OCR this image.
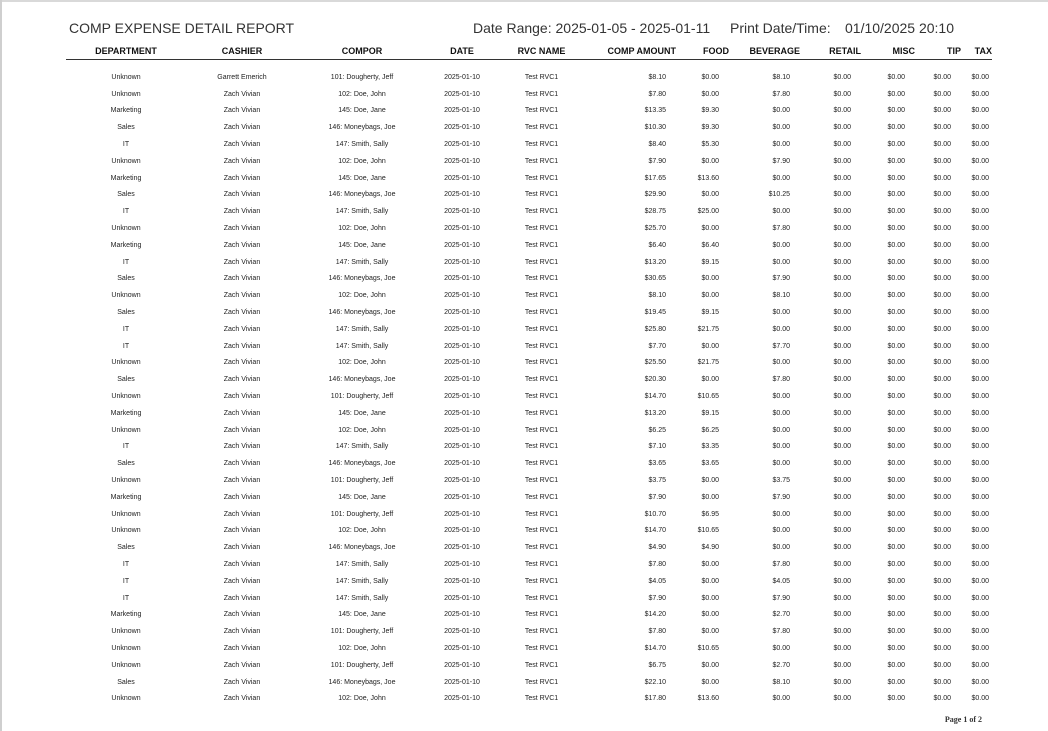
COMP EXPENSE DETAIL REPORT	Date Range: 2025-01-05 - 2025-01-11 Print Date/Time: 01/10/2025 20:10
DEPARTMENT	CASHIER	COMPOR	DATE	RVC NAME	COMP AMOUNT	FOOD	BEVERAGE	RETAIL	MISC	TIP	TAX

Unknown	Garrett Emerich	101: Dougherty, Jeff	2025-01-10	Test RVC1	$8.10	$0.00	$8.10	$0.00	$0.00	$0.00	$0.00
Unknown	Zach Vivian	102: Doe, John	2025-01-10	Test RVC1	$7.80	$0.00	$7.80	$0.00	$0.00	$0.00	$0.00
Marketing	Zach Vivian	145: Doe, Jane	2025-01-10	Test RVC1	$13.35	$9.30	$0.00	$0.00	$0.00	$0.00	$0.00
Sales	Zach Vivian	146: Moneybags, Joe	2025-01-10	Test RVC1	$10.30	$9.30	$0.00	$0.00	$0.00	$0.00	$0.00
IT	Zach Vivian	147: Smith, Sally	2025-01-10	Test RVC1	$8.40	$5.30	$0.00	$0.00	$0.00	$0.00	$0.00
Unknown	Zach Vivian	102: Doe, John	2025-01-10	Test RVC1	$7.90	$0.00	$7.90	$0.00	$0.00	$0.00	$0.00
Marketing	Zach Vivian	145: Doe, Jane	2025-01-10	Test RVC1	$17.65	$13.60	$0.00	$0.00	$0.00	$0.00	$0.00
Sales	Zach Vivian	146: Moneybags, Joe	2025-01-10	Test RVC1	$29.90	$0.00	$10.25	$0.00	$0.00	$0.00	$0.00
IT	Zach Vivian	147: Smith, Sally	2025-01-10	Test RVC1	$28.75	$25.00	$0.00	$0.00	$0.00	$0.00	$0.00
Unknown	Zach Vivian	102: Doe, John	2025-01-10	Test RVC1	$25.70	$0.00	$7.80	$0.00	$0.00	$0.00	$0.00
Marketing	Zach Vivian	145: Doe, Jane	2025-01-10	Test RVC1	$6.40	$6.40	$0.00	$0.00	$0.00	$0.00	$0.00
IT	Zach Vivian	147: Smith, Sally	2025-01-10	Test RVC1	$13.20	$9.15	$0.00	$0.00	$0.00	$0.00	$0.00
Sales	Zach Vivian	146: Moneybags, Joe	2025-01-10	Test RVC1	$30.65	$0.00	$7.90	$0.00	$0.00	$0.00	$0.00
Unknown	Zach Vivian	102: Doe, John	2025-01-10	Test RVC1	$8.10	$0.00	$8.10	$0.00	$0.00	$0.00	$0.00
Sales	Zach Vivian	146: Moneybags, Joe	2025-01-10	Test RVC1	$19.45	$9.15	$0.00	$0.00	$0.00	$0.00	$0.00
IT	Zach Vivian	147: Smith, Sally	2025-01-10	Test RVC1	$25.80	$21.75	$0.00	$0.00	$0.00	$0.00	$0.00
IT	Zach Vivian	147: Smith, Sally	2025-01-10	Test RVC1	$7.70	$0.00	$7.70	$0.00	$0.00	$0.00	$0.00
Unknown	Zach Vivian	102: Doe, John	2025-01-10	Test RVC1	$25.50	$21.75	$0.00	$0.00	$0.00	$0.00	$0.00
Sales	Zach Vivian	146: Moneybags, Joe	2025-01-10	Test RVC1	$20.30	$0.00	$7.80	$0.00	$0.00	$0.00	$0.00
Unknown	Zach Vivian	101: Dougherty, Jeff	2025-01-10	Test RVC1	$14.70	$10.65	$0.00	$0.00	$0.00	$0.00	$0.00
Marketing	Zach Vivian	145: Doe, Jane	2025-01-10	Test RVC1	$13.20	$9.15	$0.00	$0.00	$0.00	$0.00	$0.00
Unknown	Zach Vivian	102: Doe, John	2025-01-10	Test RVC1	$6.25	$6.25	$0.00	$0.00	$0.00	$0.00	$0.00
IT	Zach Vivian	147: Smith, Sally	2025-01-10	Test RVC1	$7.10	$3.35	$0.00	$0.00	$0.00	$0.00	$0.00
Sales	Zach Vivian	146: Moneybags, Joe	2025-01-10	Test RVC1	$3.65	$3.65	$0.00	$0.00	$0.00	$0.00	$0.00
Unknown	Zach Vivian	101: Dougherty, Jeff	2025-01-10	Test RVC1	$3.75	$0.00	$3.75	$0.00	$0.00	$0.00	$0.00
Marketing	Zach Vivian	145: Doe, Jane	2025-01-10	Test RVC1	$7.90	$0.00	$7.90	$0.00	$0.00	$0.00	$0.00
Unknown	Zach Vivian	101: Dougherty, Jeff	2025-01-10	Test RVC1	$10.70	$6.95	$0.00	$0.00	$0.00	$0.00	$0.00
Unknown	Zach Vivian	102: Doe, John	2025-01-10	Test RVC1	$14.70	$10.65	$0.00	$0.00	$0.00	$0.00	$0.00
Sales	Zach Vivian	146: Moneybags, Joe	2025-01-10	Test RVC1	$4.90	$4.90	$0.00	$0.00	$0.00	$0.00	$0.00
IT	Zach Vivian	147: Smith, Sally	2025-01-10	Test RVC1	$7.80	$0.00	$7.80	$0.00	$0.00	$0.00	$0.00
IT	Zach Vivian	147: Smith, Sally	2025-01-10	Test RVC1	$4.05	$0.00	$4.05	$0.00	$0.00	$0.00	$0.00
IT	Zach Vivian	147: Smith, Sally	2025-01-10	Test RVC1	$7.90	$0.00	$7.90	$0.00	$0.00	$0.00	$0.00
Marketing	Zach Vivian	145: Doe, Jane	2025-01-10	Test RVC1	$14.20	$0.00	$2.70	$0.00	$0.00	$0.00	$0.00
Unknown	Zach Vivian	101: Dougherty, Jeff	2025-01-10	Test RVC1	$7.80	$0.00	$7.80	$0.00	$0.00	$0.00	$0.00
Unknown	Zach Vivian	102: Doe, John	2025-01-10	Test RVC1	$14.70	$10.65	$0.00	$0.00	$0.00	$0.00	$0.00
Unknown	Zach Vivian	101: Dougherty, Jeff	2025-01-10	Test RVC1	$6.75	$0.00	$2.70	$0.00	$0.00	$0.00	$0.00
Sales	Zach Vivian	146: Moneybags, Joe	2025-01-10	Test RVC1	$22.10	$0.00	$8.10	$0.00	$0.00	$0.00	$0.00
Unknown	Zach Vivian	102: Doe, John	2025-01-10	Test RVC1	$17.80	$13.60	$0.00	$0.00	$0.00	$0.00	$0.00
Page 1 of 2
